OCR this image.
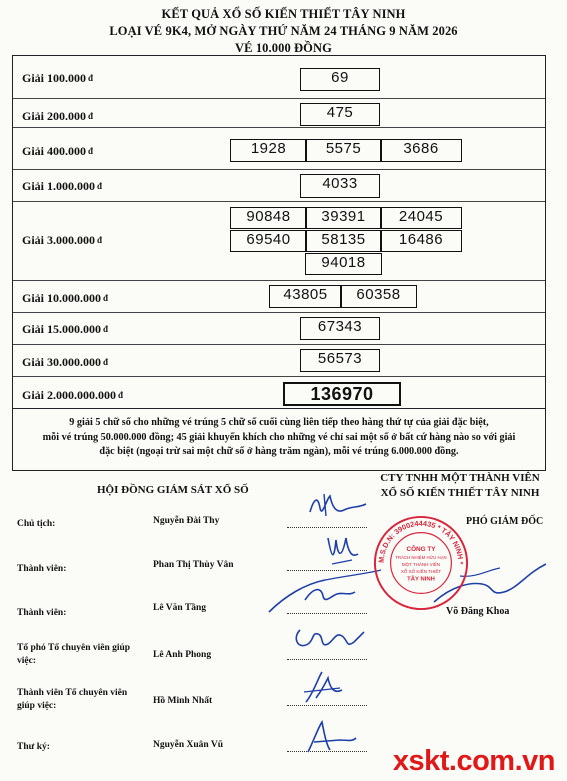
KẾT QUẢ XỔ SỐ KIẾN THIẾT TÂY NINH
LOẠI VÉ 9K4, MỞ NGÀY THỨ NĂM 24 THÁNG 9 NĂM 2026
VÉ 10.000 ĐỒNG
Giải 100.000 đ	69
Giải 200.000 đ	475
Giải 400.000 đ	1928	5575	3686
Giải 1.000.000 đ	4033
Giải 3.000.000 đ
90848	39391	24045
69540	58135	16486
94018
Giải 10.000.000 đ	43805	60358
Giải 15.000.000 đ	67343
Giải 30.000.000 đ	56573
Giải 2.000.000.000 đ	136970
9 giải 5 chữ số cho những vé trúng 5 chữ số cuối cùng liên tiếp theo hàng thứ tự của giải đặc biệt,
mỗi vé trúng 50.000.000 đồng; 45 giải khuyến khích cho những vé chỉ sai một số ở bất cứ hàng nào so với giải
đặc biệt (ngoại trừ sai một chữ số ở hàng trăm ngàn), mỗi vé trúng 6.000.000 đồng.
HỘI ĐỒNG GIÁM SÁT XỔ SỐ
CTY TNHH MỘT THÀNH VIÊN
XỔ SỐ KIẾN THIẾT TÂY NINH
Chủ tịch:	Nguyễn Đài Thy
Thành viên:	Phan Thị Thùy Vân
Thành viên:	Lê Văn Tầng
Tổ phó Tổ chuyên viên giúp việc:
Lê Anh Phong
Thành viên Tổ chuyên viên giúp việc:	Hồ Minh Nhất
Thư ký:	Nguyễn Xuân Vũ
M.S.D.N: 3900244435 * TÂY NINH *
CÔNG TY
TRÁCH NHIỆM HỮU HẠN
MỘT THÀNH VIÊN
XỔ SỐ KIẾN THIẾT
TÂY NINH
PHÓ GIÁM ĐỐC
Võ Đăng Khoa
xskt.com.vn
